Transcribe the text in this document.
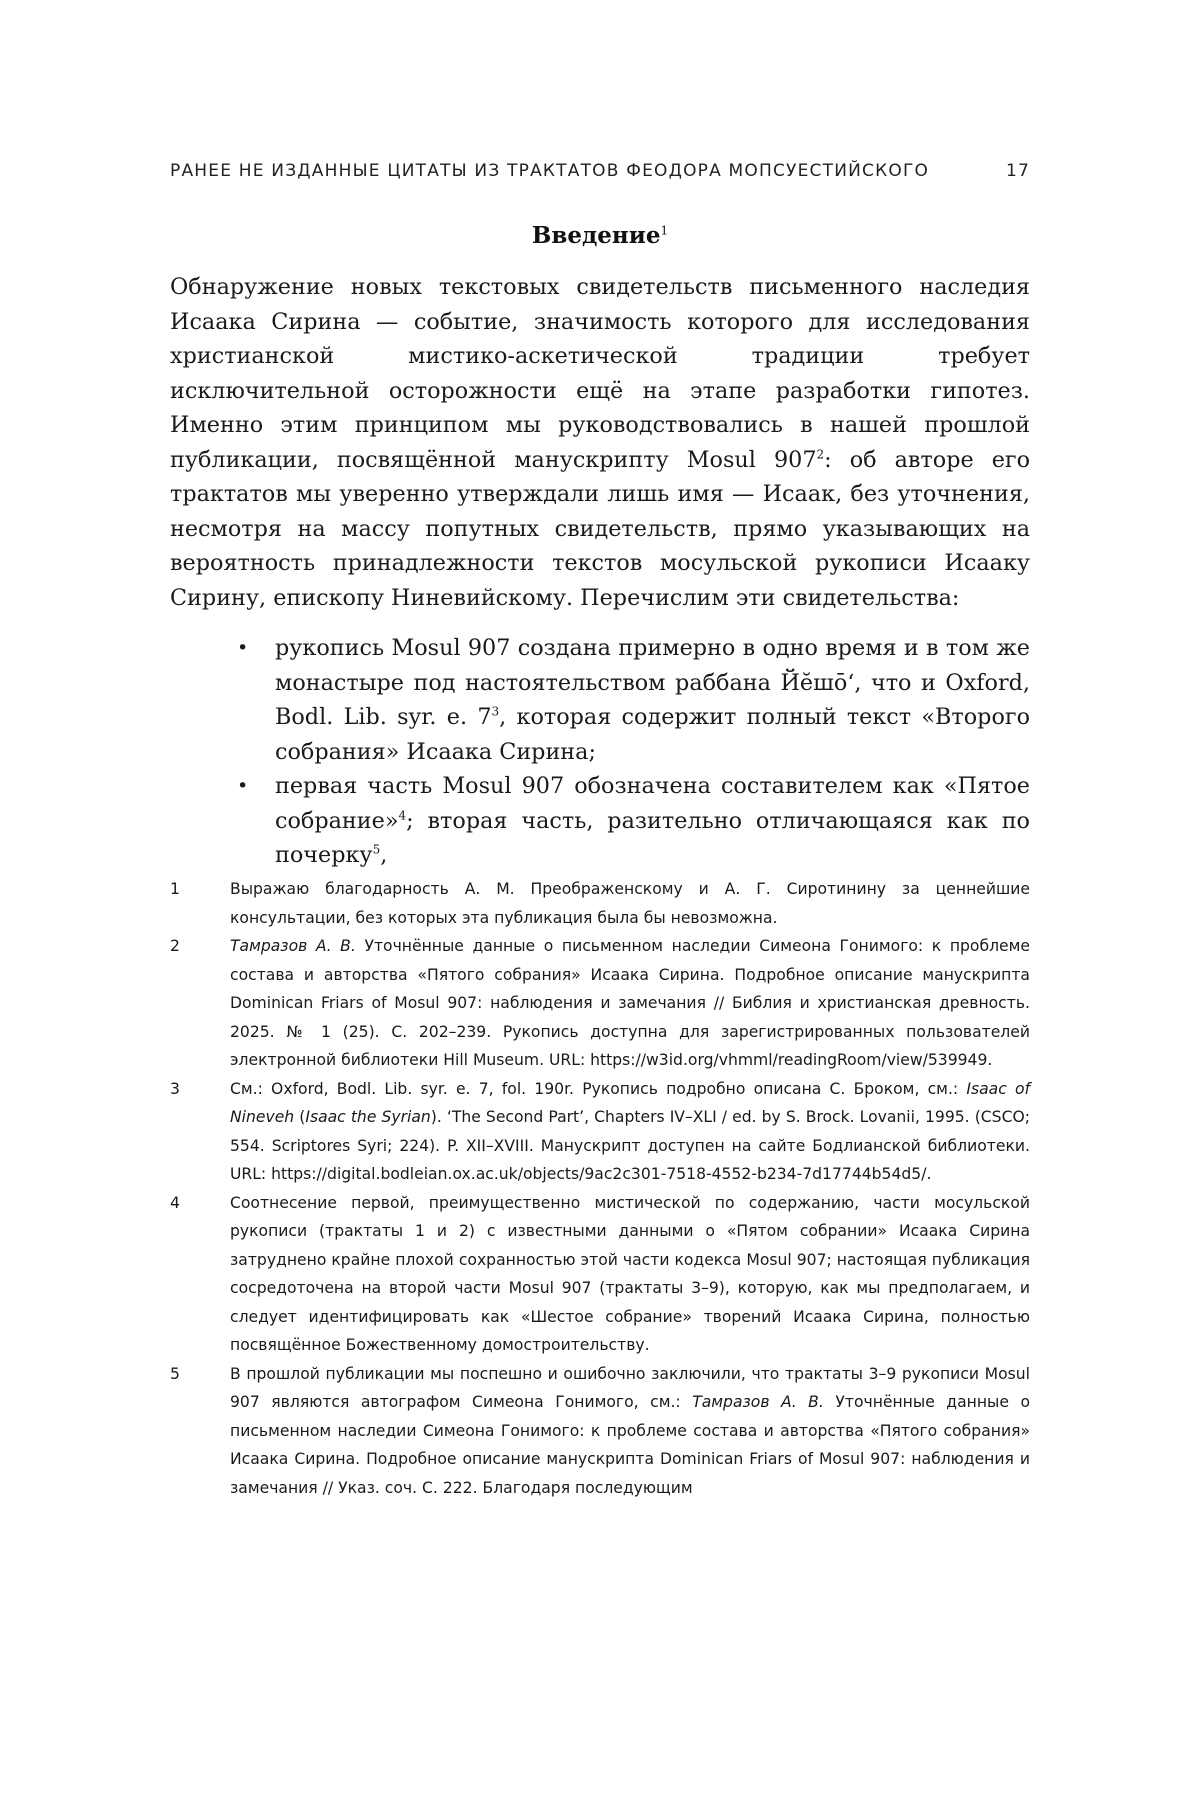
РАНЕЕ НЕ ИЗДАННЫЕ ЦИТАТЫ ИЗ ТРАКТАТОВ ФЕОДОРА МОПСУЕСТИЙСКОГО	17
Введение$^1$

Обнаружение новых текстовых свидетельств письменного наследия Исаака Сирина — событие, значимость которого для исследования христианской мистико-аскетической традиции требует исключительной осторожности ещё на этапе разработки гипотез. Именно этим принципом мы руководствовались в нашей прошлой публикации, посвящённой манускрипту Mosul $907^2$: об авторе его трактатов мы уверенно утверждали лишь имя — Исаак, без уточнения, несмотря на массу попутных свидетельств, прямо указывающих на вероятность принадлежности текстов мосульской рукописи Исааку Сирину, епископу Ниневийскому. Перечислим эти свидетельства:

• рукопись Mosul 907 создана примерно в одно время и в том же монастыре под настоятельством раббана Йӗшō‘, что и Oxford, Bodl. Lib. syr. e. $7^3$, которая содержит полный текст «Второго собрания» Исаака Сирина;
• первая часть Mosul 907 обозначена составителем как «Пятое собрание»$^4$; вторая часть, разительно отличающаяся как по почерку$^5$,
1	Выражаю благодарность А. М. Преображенскому и А. Г. Сиротинину за ценнейшие консультации, без которых эта публикация была бы невозможна.
2	Тамразов А. В. Уточнённые данные о письменном наследии Симеона Гонимого: к проблеме состава и авторства «Пятого собрания» Исаака Сирина. Подробное описание манускрипта Dominican Friars of Mosul 907: наблюдения и замечания // Библия и христианская древность. 2025. № 1 (25). С. 202–239. Рукопись доступна для зарегистрированных пользователей электронной библиотеки Hill Museum. URL: https://w3id.org/vhmml/readingRoom/view/539949.
3	См.: Oxford, Bodl. Lib. syr. e. 7, fol. 190r. Рукопись подробно описана С. Броком, см.: Isaac of Nineveh (Isaac the Syrian). ‘The Second Part’, Chapters IV–XLI / ed. by S. Brock. Lovanii, 1995. (CSCO; 554. Scriptores Syri; 224). P. XII–XVIII. Манускрипт доступен на сайте Бодлианской библиотеки. URL: https://digital.bodleian.ox.ac.uk/objects/9ac2c301-7518-4552-b234-7d17744b54d5/.
4	Соотнесение первой, преимущественно мистической по содержанию, части мосульской рукописи (трактаты 1 и 2) с известными данными о «Пятом собрании» Исаака Сирина затруднено крайне плохой сохранностью этой части кодекса Mosul 907; настоящая публикация сосредоточена на второй части Mosul 907 (трактаты 3–9), которую, как мы предполагаем, и следует идентифицировать как «Шестое собрание» творений Исаака Сирина, полностью посвящённое Божественному домостроительству.
5	В прошлой публикации мы поспешно и ошибочно заключили, что трактаты 3–9 рукописи Mosul 907 являются автографом Симеона Гонимого, см.: Тамразов А. В. Уточнённые данные о письменном наследии Симеона Гонимого: к проблеме состава и авторства «Пятого собрания» Исаака Сирина. Подробное описание манускрипта Dominican Friars of Mosul 907: наблюдения и замечания // Указ. соч. С. 222. Благодаря последующим
